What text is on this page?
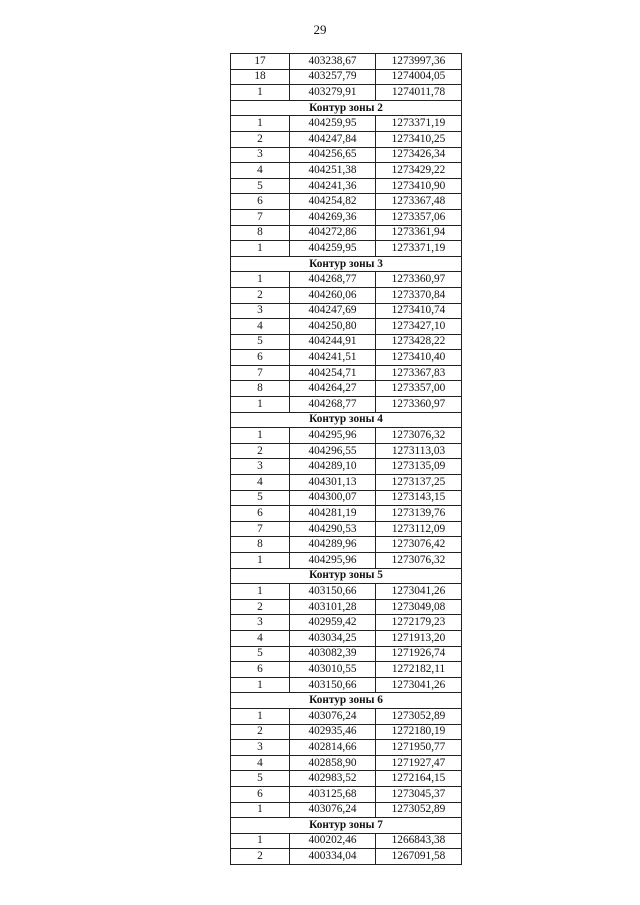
29
17	403238,67	1273997,36
18	403257,79	1274004,05
1	403279,91	1274011,78
Контур зоны 2		
1	404259,95	1273371,19
2	404247,84	1273410,25
3	404256,65	1273426,34
4	404251,38	1273429,22
5	404241,36	1273410,90
6	404254,82	1273367,48
7	404269,36	1273357,06
8	404272,86	1273361,94
1	404259,95	1273371,19
Контур зоны 3		
1	404268,77	1273360,97
2	404260,06	1273370,84
3	404247,69	1273410,74
4	404250,80	1273427,10
5	404244,91	1273428,22
6	404241,51	1273410,40
7	404254,71	1273367,83
8	404264,27	1273357,00
1	404268,77	1273360,97
Контур зоны 4		
1	404295,96	1273076,32
2	404296,55	1273113,03
3	404289,10	1273135,09
4	404301,13	1273137,25
5	404300,07	1273143,15
6	404281,19	1273139,76
7	404290,53	1273112,09
8	404289,96	1273076,42
1	404295,96	1273076,32
Контур зоны 5		
1	403150,66	1273041,26
2	403101,28	1273049,08
3	402959,42	1272179,23
4	403034,25	1271913,20
5	403082,39	1271926,74
6	403010,55	1272182,11
1	403150,66	1273041,26
Контур зоны 6		
1	403076,24	1273052,89
2	402935,46	1272180,19
3	402814,66	1271950,77
4	402858,90	1271927,47
5	402983,52	1272164,15
6	403125,68	1273045,37
1	403076,24	1273052,89
Контур зоны 7		
1	400202,46	1266843,38
2	400334,04	1267091,58
